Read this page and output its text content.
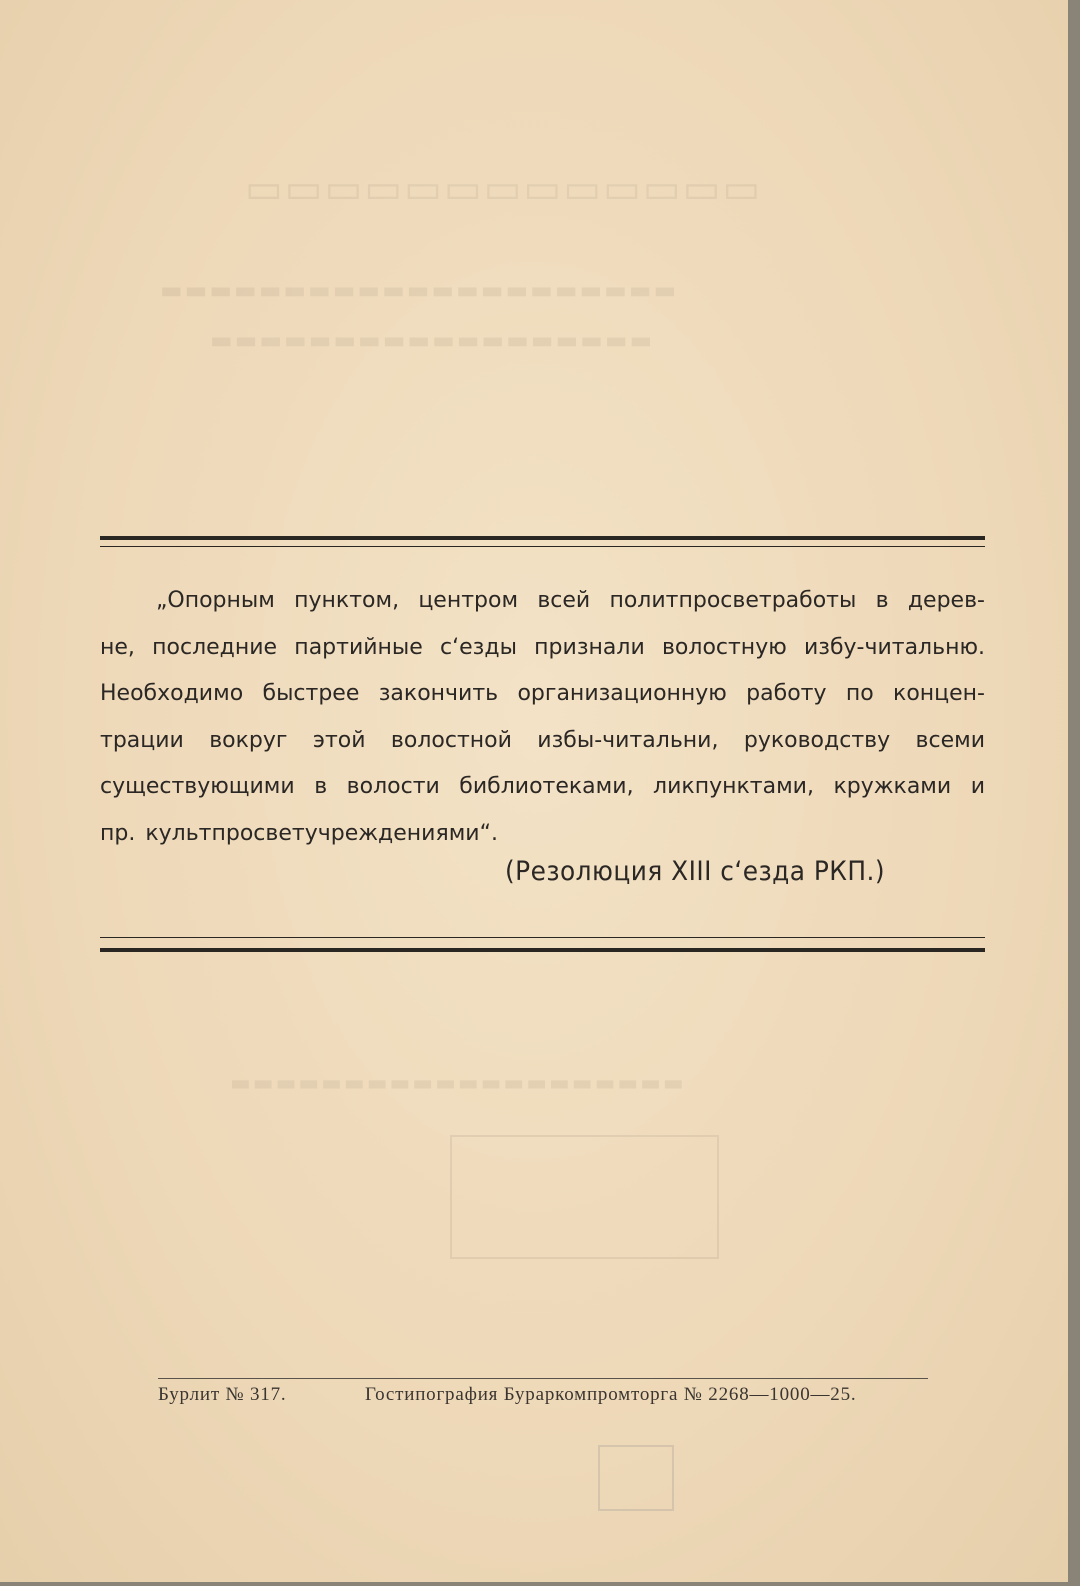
▭▭▭▭▭▭▭▭▭▭▭▭▭
▬▬▬▬▬▬▬▬▬▬▬▬▬▬▬▬▬▬▬▬▬
▬▬▬▬▬▬▬▬▬▬▬▬▬▬▬▬▬▬
▬▬▬▬▬▬▬▬▬▬▬▬▬▬▬▬▬▬▬▬
„Опорным пунктом, центром всей политпросветработы в дерев-
не, последние партийные с‘езды признали волостную избу-читальню.
Необходимо быстрее закончить организационную работу по концен-
трации вокруг этой волостной избы-читальни, руководству всеми
существующими в волости библиотеками, ликпунктами, кружками и
пр. культпросветучреждениями“.
(Резолюция XIII с‘езда РКП.)
Бурлит № 317.	Гостипография Бураркомпромторга № 2268—1000—25.
